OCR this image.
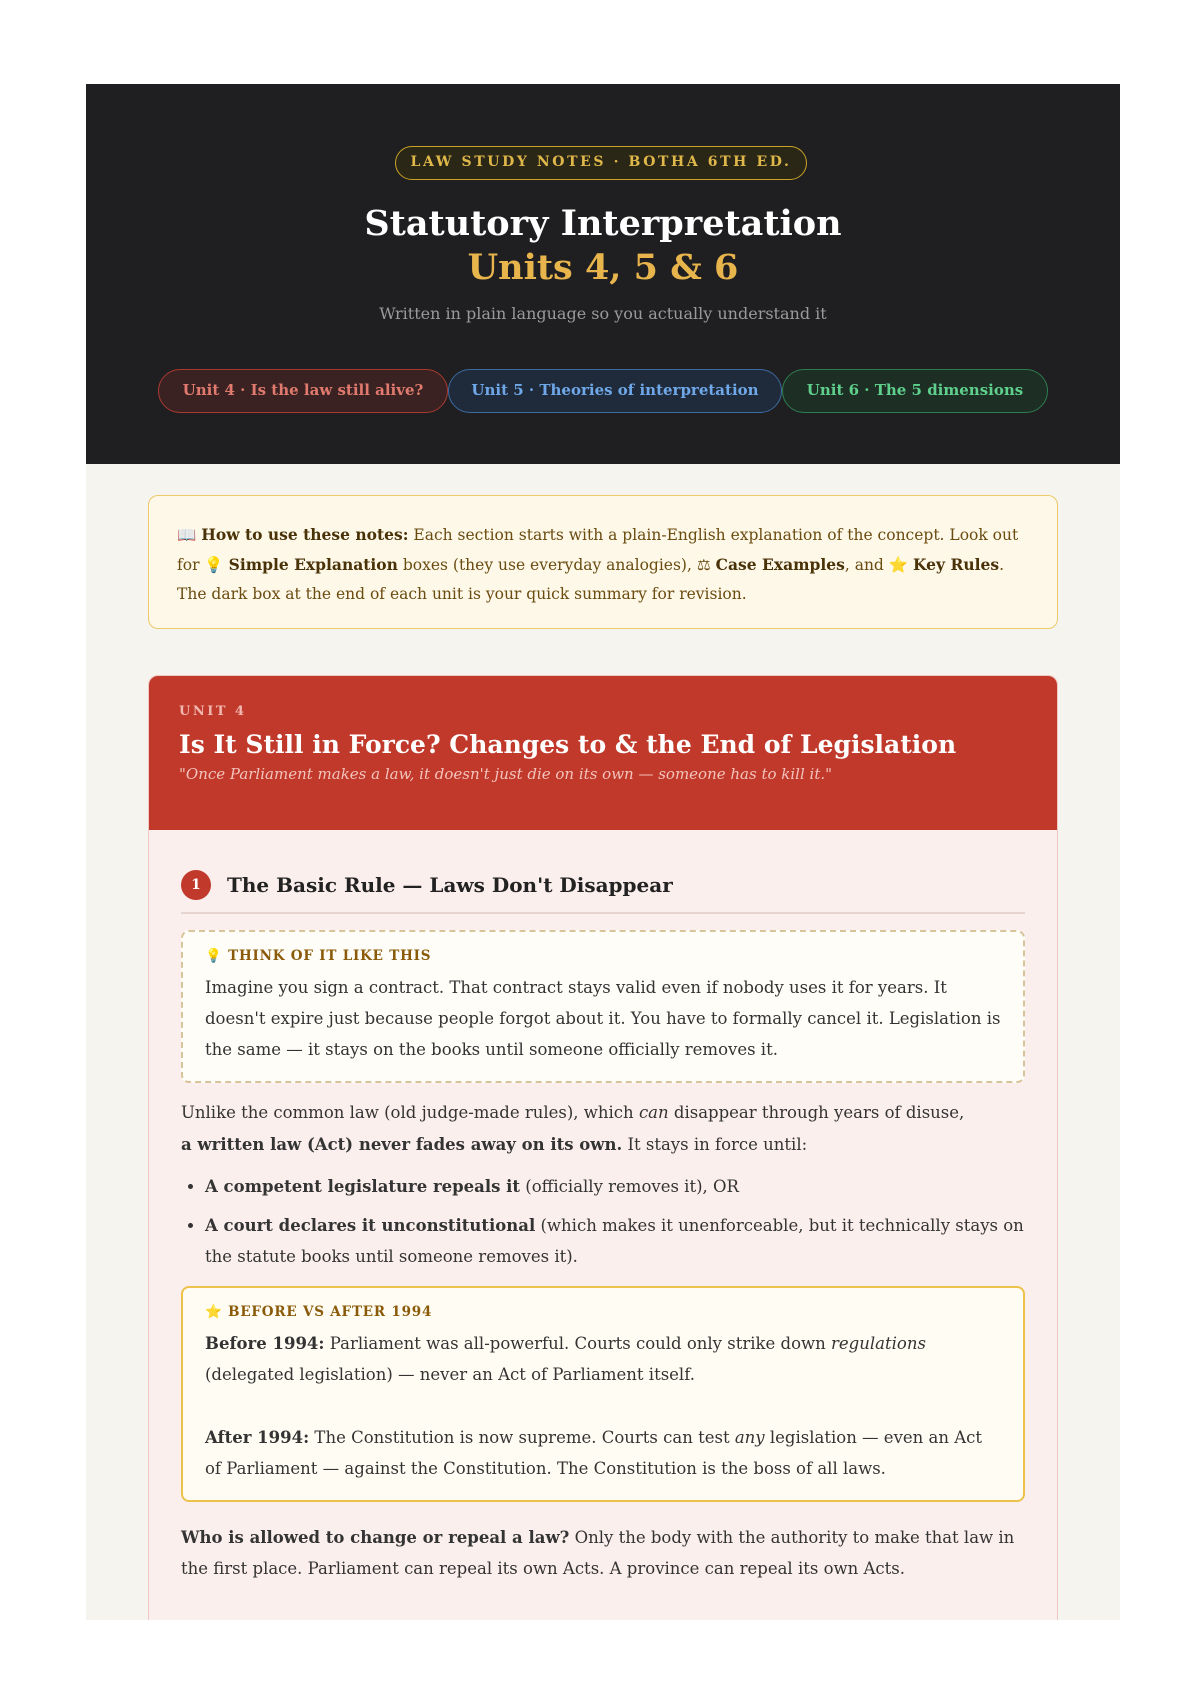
LAW STUDY NOTES · BOTHA 6TH ED.
Statutory Interpretation
Units 4, 5 & 6
Written in plain language so you actually understand it
Unit 4 · Is the law still alive?	Unit 5 · Theories of interpretation	Unit 6 · The 5 dimensions
📖 How to use these notes: Each section starts with a plain-English explanation of the concept. Look out for 💡 Simple Explanation boxes (they use everyday analogies), ⚖ Case Examples, and ⭐ Key Rules. The dark box at the end of each unit is your quick summary for revision.
UNIT 4
Is It Still in Force? Changes to & the End of Legislation
"Once Parliament makes a law, it doesn't just die on its own — someone has to kill it."
1	The Basic Rule — Laws Don't Disappear
💡 THINK OF IT LIKE THIS
Imagine you sign a contract. That contract stays valid even if nobody uses it for years. It doesn't expire just because people forgot about it. You have to formally cancel it. Legislation is the same — it stays on the books until someone officially removes it.
Unlike the common law (old judge-made rules), which can disappear through years of disuse,
a written law (Act) never fades away on its own. It stays in force until:
• A competent legislature repeals it (officially removes it), OR
• A court declares it unconstitutional (which makes it unenforceable, but it technically stays on the statute books until someone removes it).
⭐ BEFORE VS AFTER 1994
Before 1994: Parliament was all-powerful. Courts could only strike down regulations (delegated legislation) — never an Act of Parliament itself.
After 1994: The Constitution is now supreme. Courts can test any legislation — even an Act of Parliament — against the Constitution. The Constitution is the boss of all laws.
Who is allowed to change or repeal a law? Only the body with the authority to make that law in the first place. Parliament can repeal its own Acts. A province can repeal its own Acts.
